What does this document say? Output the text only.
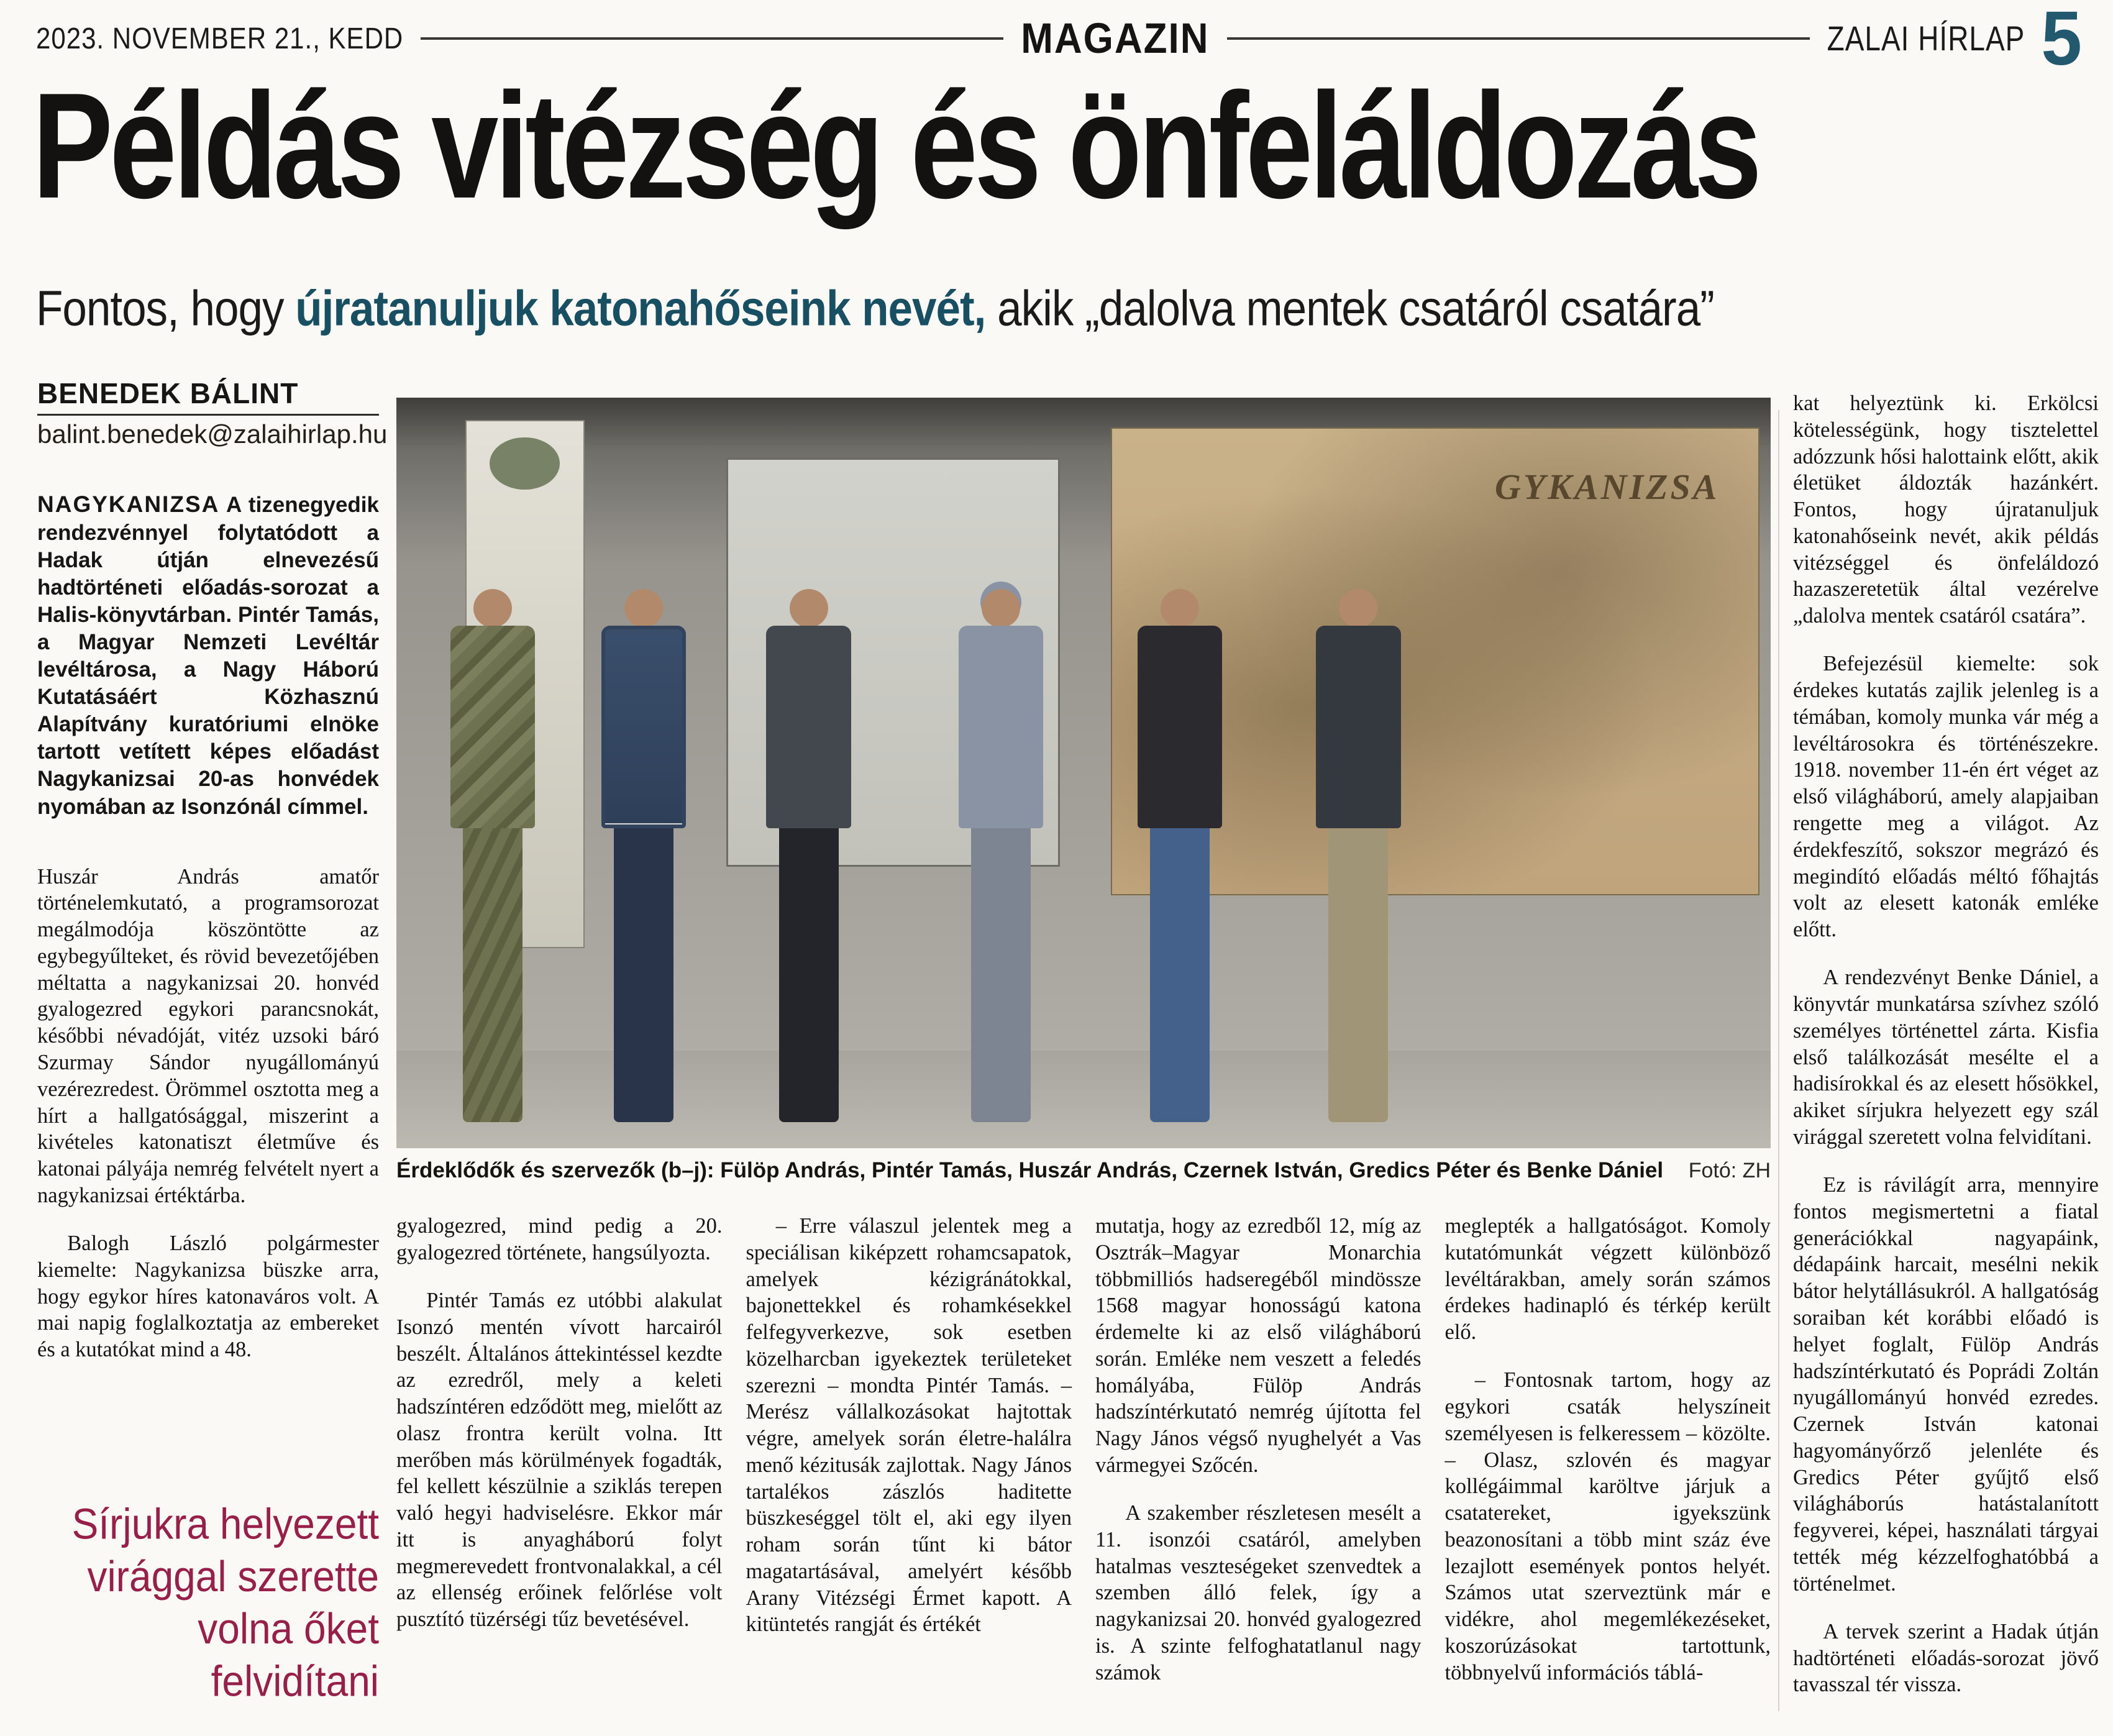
2023. NOVEMBER 21., KEDD	MAGAZIN	ZALAI HÍRLAP 5
Példás vitézség és önfeláldozás
Fontos, hogy újratanuljuk katonahőseink nevét, akik „dalolva mentek csatáról csatára”
BENEDEK BÁLINT
balint.benedek@zalaihirlap.hu

NAGYKANIZSA A tizenegyedik rendezvénnyel folytatódott a Hadak útján elnevezésű hadtörténeti előadás-sorozat a Halis-könyvtárban. Pintér Tamás, a Magyar Nemzeti Levéltár levéltárosa, a Nagy Háború Kutatásáért Közhasznú Alapítvány kuratóriumi elnöke tartott vetített képes előadást Nagykanizsai 20-as honvédek nyomában az Isonzónál címmel.

Huszár András amatőr történelemkutató, a programsorozat megálmodója köszöntötte az egybegyűlteket, és rövid bevezetőjében méltatta a nagykanizsai 20. honvéd gyalogezred egykori parancsnokát, későbbi névadóját, vitéz uzsoki báró Szurmay Sándor nyugállományú vezérezredest. Örömmel osztotta meg a hírt a hallgatósággal, miszerint a kivételes katonatiszt életműve és katonai pályája nemrég felvételt nyert a nagykanizsai értéktárba.

Balogh László polgármester kiemelte: Nagykanizsa büszke arra, hogy egykor híres katonaváros volt. A mai napig foglalkoztatja az embereket és a kutatókat mind a 48.

Sírjukra helyezett virággal szerette volna őket felvidítani
GYKANIZSA
Érdeklődők és szervezők (b–j): Fülöp András, Pintér Tamás, Huszár András, Czernek István, Gredics Péter és Benke Dániel Fotó: ZH

gyalogezred, mind pedig a 20. gyalogezred története, hangsúlyozta.

Pintér Tamás ez utóbbi alakulat Isonzó mentén vívott harcairól beszélt. Általános áttekintéssel kezdte az ezredről, mely a keleti hadszíntéren edződött meg, mielőtt az olasz frontra került volna. Itt merőben más körülmények fogadták, fel kellett készülnie a sziklás terepen való hegyi hadviselésre. Ekkor már itt is anyagháború folyt megmerevedett frontvonalakkal, a cél az ellenség erőinek felőrlése volt pusztító tüzérségi tűz bevetésével.

– Erre válaszul jelentek meg a speciálisan kiképzett rohamcsapatok, amelyek kézigránátokkal, bajonettekkel és rohamkésekkel felfegyverkezve, sok esetben közelharcban igyekeztek területeket szerezni – mondta Pintér Tamás. – Merész vállalkozásokat hajtottak végre, amelyek során életre-halálra menő kézitusák zajlottak. Nagy János tartalékos zászlós haditette büszkeséggel tölt el, aki egy ilyen roham során tűnt ki bátor magatartásával, amelyért később Arany Vitézségi Érmet kapott. A kitüntetés rangját és értékét

mutatja, hogy az ezredből 12, míg az Osztrák–Magyar Monarchia többmilliós hadseregéből mindössze 1568 magyar honosságú katona érdemelte ki az első világháború során. Emléke nem veszett a feledés homályába, Fülöp András hadszíntérkutató nemrég újította fel Nagy János végső nyughelyét a Vas vármegyei Szőcén.

A szakember részletesen mesélt a 11. isonzói csatáról, amelyben hatalmas veszteségeket szenvedtek a szemben álló felek, így a nagykanizsai 20. honvéd gyalogezred is. A szinte felfoghatatlanul nagy számok

meglepték a hallgatóságot. Komoly kutatómunkát végzett különböző levéltárakban, amely során számos érdekes hadinapló és térkép került elő.

– Fontosnak tartom, hogy az egykori csaták helyszíneit személyesen is felkeressem – közölte. – Olasz, szlovén és magyar kollégáimmal karöltve járjuk a csatatereket, igyekszünk beazonosítani a több mint száz éve lezajlott események pontos helyét. Számos utat szerveztünk már e vidékre, ahol megemlékezéseket, koszorúzásokat tartottunk, többnyelvű információs táblá-

kat helyeztünk ki. Erkölcsi kötelességünk, hogy tisztelettel adózzunk hősi halottaink előtt, akik életüket áldozták hazánkért. Fontos, hogy újratanuljuk katonahőseink nevét, akik példás vitézséggel és önfeláldozó hazaszeretetük által vezérelve „dalolva mentek csatáról csatára”.

Befejezésül kiemelte: sok érdekes kutatás zajlik jelenleg is a témában, komoly munka vár még a levéltárosokra és történészekre. 1918. november 11-én ért véget az első világháború, amely alapjaiban rengette meg a világot. Az érdekfeszítő, sokszor megrázó és megindító előadás méltó főhajtás volt az elesett katonák emléke előtt.

A rendezvényt Benke Dániel, a könyvtár munkatársa szívhez szóló személyes történettel zárta. Kisfia első találkozását mesélte el a hadisírokkal és az elesett hősökkel, akiket sírjukra helyezett egy szál virággal szeretett volna felvidítani.

Ez is rávilágít arra, mennyire fontos megismertetni a fiatal generációkkal nagyapáink, dédapáink harcait, mesélni nekik bátor helytállásukról. A hallgatóság soraiban két korábbi előadó is helyet foglalt, Fülöp András hadszíntérkutató és Poprádi Zoltán nyugállományú honvéd ezredes. Czernek István katonai hagyományőrző jelenléte és Gredics Péter gyűjtő első világháborús hatástalanított fegyverei, képei, használati tárgyai tették még kézzelfoghatóbbá a történelmet.

A tervek szerint a Hadak útján hadtörténeti előadás-sorozat jövő tavasszal tér vissza.
